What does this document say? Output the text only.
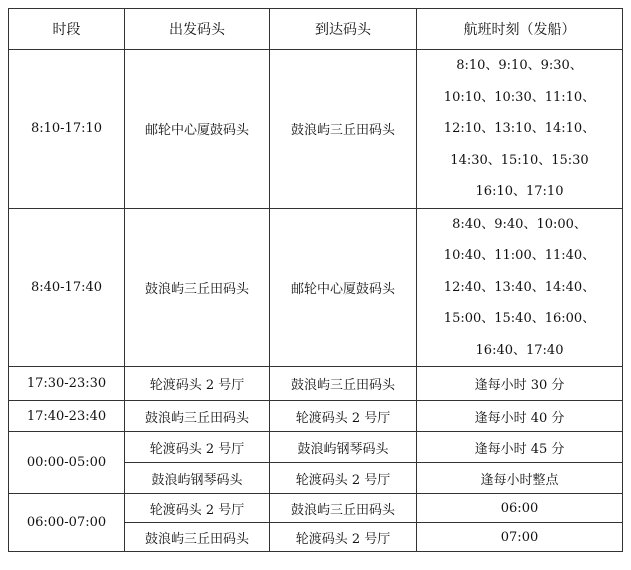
时段	出发码头	到达码头	航班时刻（发船）
8:10-17:10	邮轮中心厦鼓码头	鼓浪屿三丘田码头	8:10、9:10、9:30、
10:10、10:30、11:10、
12:10、13:10、14:10、
14:30、15:10、15:30
16:10、17:10

8:40-17:40	鼓浪屿三丘田码头	邮轮中心厦鼓码头	8:40、9:40、10:00、
10:40、11:00、11:40、
12:40、13:40、14:40、
15:00、15:40、16:00、
16:40、17:40

17:30-23:30	轮渡码头 2 号厅	鼓浪屿三丘田码头	逢每小时 30 分
17:40-23:40	鼓浪屿三丘田码头	轮渡码头 2 号厅	逢每小时 40 分
00:00-05:00	轮渡码头 2 号厅	鼓浪屿钢琴码头	逢每小时 45 分
	鼓浪屿钢琴码头	轮渡码头 2 号厅	逢每小时整点
06:00-07:00	轮渡码头 2 号厅	鼓浪屿三丘田码头	06:00
	鼓浪屿三丘田码头	轮渡码头 2 号厅	07:00
